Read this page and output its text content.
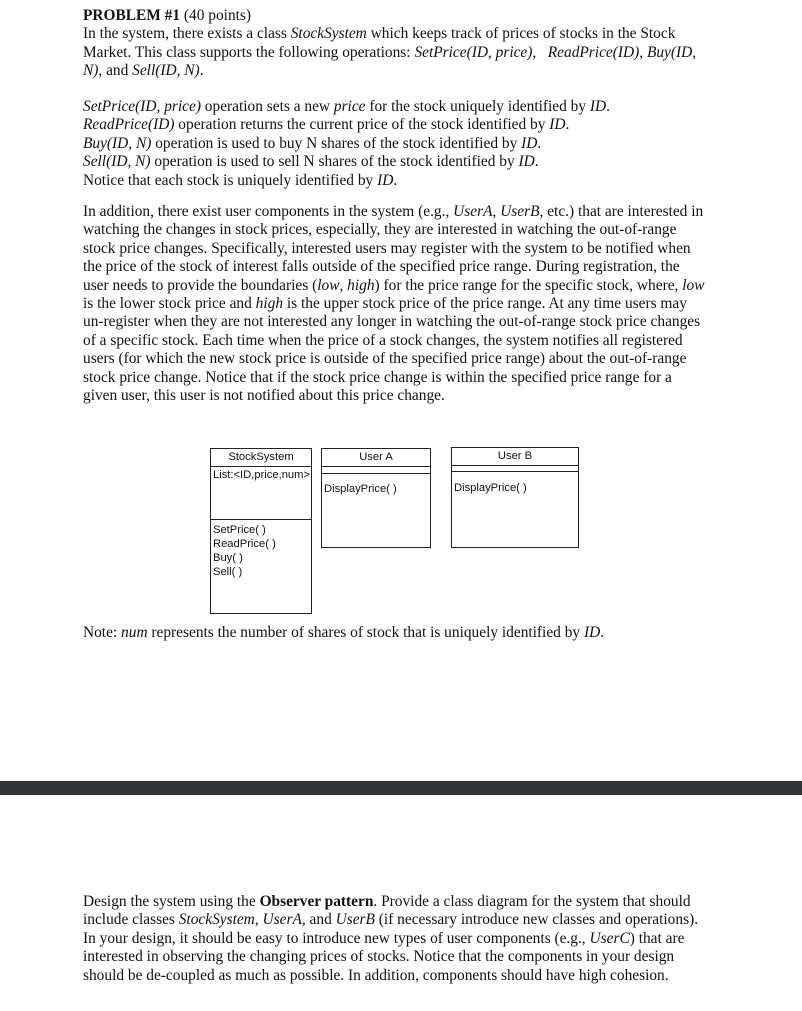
PROBLEM #1 (40 points)

In the system, there exists a class StockSystem which keeps track of prices of stocks in the Stock Market. This class supports the following operations: SetPrice(ID, price),   ReadPrice(ID), Buy(ID, N), and Sell(ID, N).

SetPrice(ID, price) operation sets a new price for the stock uniquely identified by ID.
ReadPrice(ID) operation returns the current price of the stock identified by ID.
Buy(ID, N) operation is used to buy N shares of the stock identified by ID.
Sell(ID, N) operation is used to sell N shares of the stock identified by ID.
Notice that each stock is uniquely identified by ID.

In addition, there exist user components in the system (e.g., UserA, UserB, etc.) that are interested in watching the changes in stock prices, especially, they are interested in watching the out-of-range stock price changes. Specifically, interested users may register with the system to be notified when the price of the stock of interest falls outside of the specified price range. During registration, the user needs to provide the boundaries (low, high) for the price range for the specific stock, where, low is the lower stock price and high is the upper stock price of the price range. At any time users may un-register when they are not interested any longer in watching the out-of-range stock price changes of a specific stock. Each time when the price of a stock changes, the system notifies all registered users (for which the new stock price is outside of the specified price range) about the out-of-range stock price change. Notice that if the stock price change is within the specified price range for a given user, this user is not notified about this price change.

StockSystem
List:<ID,price,num>
SetPrice( )
ReadPrice( )
Buy( )
Sell( )
User A
DisplayPrice( )
User B
DisplayPrice( )
Note: num represents the number of shares of stock that is uniquely identified by ID.

Design the system using the Observer pattern. Provide a class diagram for the system that should include classes StockSystem, UserA, and UserB (if necessary introduce new classes and operations). In your design, it should be easy to introduce new types of user components (e.g., UserC) that are interested in observing the changing prices of stocks. Notice that the components in your design should be de-coupled as much as possible. In addition, components should have high cohesion.
